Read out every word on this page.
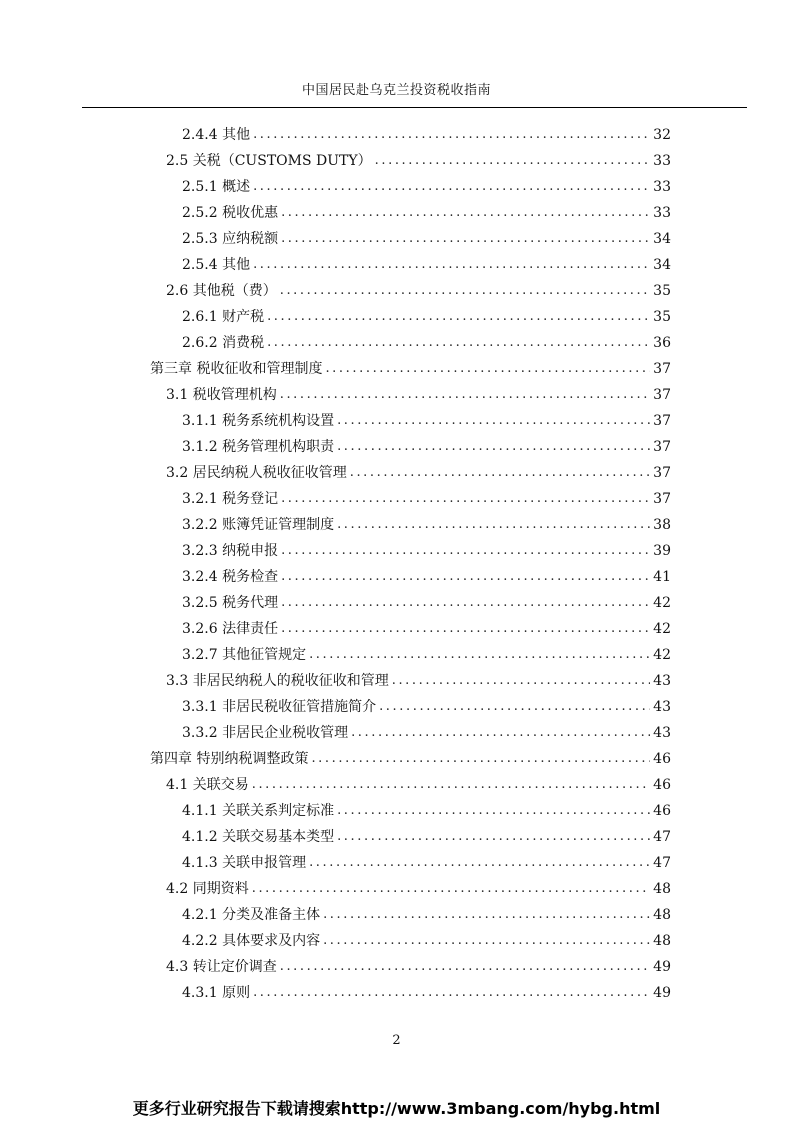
中国居民赴乌克兰投资税收指南
2.4.4 其他 .....	32
2.5 关税（CUSTOMS DUTY） .....	33
2.5.1 概述 .....	33
2.5.2 税收优惠 .....	33
2.5.3 应纳税额 .....	34
2.5.4 其他 .....	34
2.6 其他税（费） .....	35
2.6.1 财产税 .....	35
2.6.2 消费税 .....	36
第三章 税收征收和管理制度 .....	37
3.1 税收管理机构 .....	37
3.1.1 税务系统机构设置 .....	37
3.1.2 税务管理机构职责 .....	37
3.2 居民纳税人税收征收管理 .....	37
3.2.1 税务登记 .....	37
3.2.2 账簿凭证管理制度 .....	38
3.2.3 纳税申报 .....	39
3.2.4 税务检查 .....	41
3.2.5 税务代理 .....	42
3.2.6 法律责任 .....	42
3.2.7 其他征管规定 .....	42
3.3 非居民纳税人的税收征收和管理 .....	43
3.3.1 非居民税收征管措施简介 .....	43
3.3.2 非居民企业税收管理 .....	43
第四章 特别纳税调整政策 .....	46
4.1 关联交易 .....	46
4.1.1 关联关系判定标准 .....	46
4.1.2 关联交易基本类型 .....	47
4.1.3 关联申报管理 .....	47
4.2 同期资料 .....	48
4.2.1 分类及准备主体 .....	48
4.2.2 具体要求及内容 .....	48
4.3 转让定价调查 .....	49
4.3.1 原则 .....	49
2
更多行业研究报告下载请搜索http://www.3mbang.com/hybg.html
